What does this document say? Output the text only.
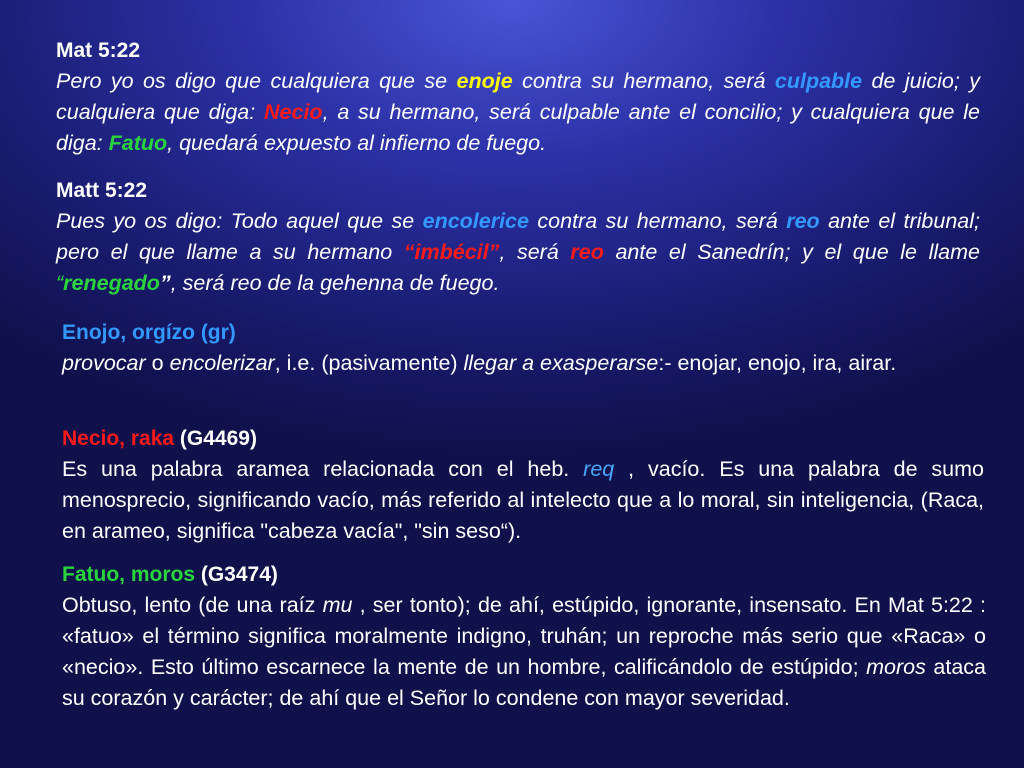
Mat 5:22
Pero yo os digo que cualquiera que se enoje contra su hermano, será culpable de juicio; y cualquiera que diga: Necio, a su hermano, será culpable ante el concilio; y cualquiera que le diga: Fatuo, quedará expuesto al infierno de fuego.
Matt 5:22
Pues yo os digo: Todo aquel que se encolerice contra su hermano, será reo ante el tribunal; pero el que llame a su hermano “imbécil”, será reo ante el Sanedrín; y el que le llame “renegado”, será reo de la gehenna de fuego.
Enojo, orgízo (gr)
provocar o encolerizar, i.e. (pasivamente) llegar a exasperarse:- enojar, enojo, ira, airar.
Necio, raka (G4469)
Es una palabra aramea relacionada con el heb. req , vacío. Es una palabra de sumo menosprecio, significando vacío, más referido al intelecto que a lo moral, sin inteligencia, (Raca, en arameo, significa "cabeza vacía", "sin seso“).
Fatuo, moros (G3474)
Obtuso, lento (de una raíz mu , ser tonto); de ahí, estúpido, ignorante, insensato. En Mat 5:22 : «fatuo» el término significa moralmente indigno, truhán; un reproche más serio que «Raca» o «necio». Esto último escarnece la mente de un hombre, calificándolo de estúpido; moros ataca su corazón y carácter; de ahí que el Señor lo condene con mayor severidad.
